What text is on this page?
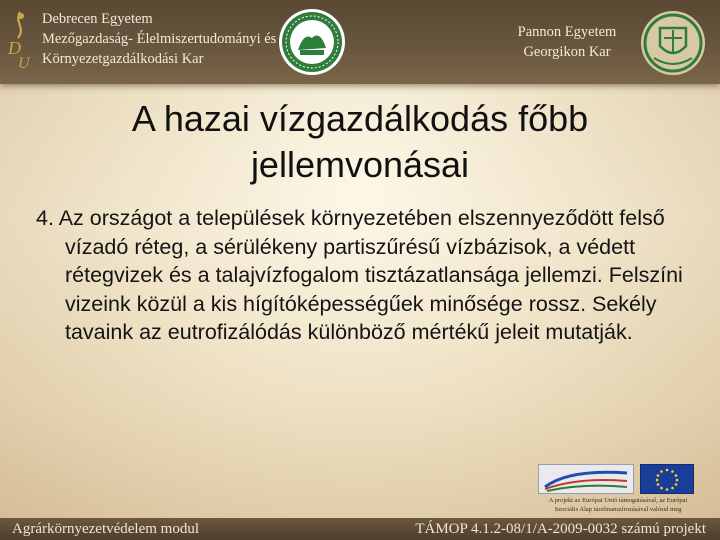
D
U
Debrecen Egyetem
Mezőgazdaság- Élelmiszertudományi és
Környezetgazdálkodási Kar
Pannon Egyetem
Georgikon Kar
A hazai vízgazdálkodás főbb
jellemvonásai
4. Az országot a települések környezetében elszennyeződött felső vízadó réteg, a sérülékeny partiszűrésű vízbázisok, a védett rétegvizek és a talajvízfogalom tisztázatlansága jellemzi. Felszíni vizeink közül a kis hígítóképességűek minősége rossz. Sekély tavaink az eutrofizálódás különböző mértékű jeleit mutatják.
A projekt az Európai Unió támogatásával, az Európai
Szociális Alap társfinanszírozásával valósul meg
Agrárkörnyezetvédelem modul	TÁMOP 4.1.2-08/1/A-2009-0032 számú projekt
